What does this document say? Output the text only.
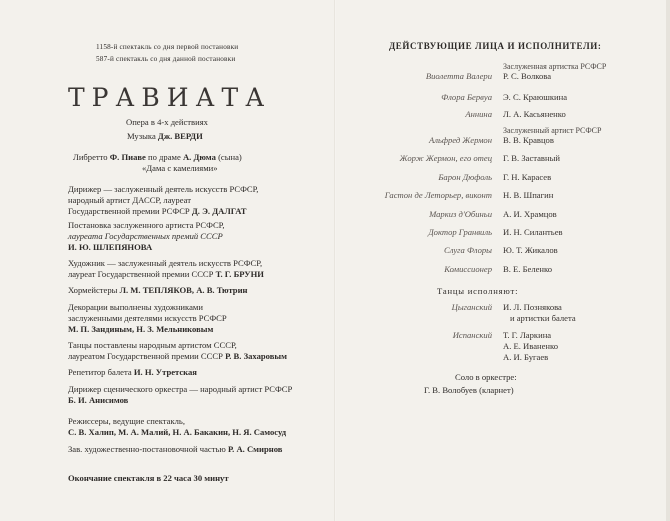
1158-й спектакль со дня первой постановки
587-й спектакль со дня данной постановки
ТРАВИАТА
Опера в 4-х действиях
Музыка Дж. ВЕРДИ
Либретто Ф. Пиаве по драме А. Дюма (сына)
«Дама с камелиями»
Дирижер — заслуженный деятель искусств РСФСР,
народный артист ДАССР, лауреат
Государственной премии РСФСР Д. Э. ДАЛГАТ
Постановка заслуженного артиста РСФСР,
лауреата Государственных премий СССР
И. Ю. ШЛЕПЯНОВА
Художник — заслуженный деятель искусств РСФСР,
лауреат Государственной премии СССР Т. Г. БРУНИ
Хормейстеры Л. М. ТЕПЛЯКОВ, А. В. Тютрин
Декорации выполнены художниками
заслуженными деятелями искусств РСФСР
М. П. Зандиным, Н. З. Мельниковым
Танцы поставлены народным артистом СССР,
лауреатом Государственной премии СССР Р. В. Захаровым
Репетитор балета И. Н. Утретская
Дирижер сценического оркестра — народный артист РСФСР
Б. И. Анисимов
Режиссеры, ведущие спектакль,
С. В. Халип, М. А. Малий, Н. А. Бакакин, Н. Я. Самосуд
Зав. художественно-постановочной частью Р. А. Смирнов
Окончание спектакля в 22 часа 30 минут
ДЕЙСТВУЮЩИЕ ЛИЦА И ИСПОЛНИТЕЛИ:
Заслуженная артистка РСФСР
Виолетта Валери Р. С. Волкова
Флора Бервуа Э. С. Краюшкина
Аннина Л. А. Касьяненко
Заслуженный артист РСФСР
Альфред Жермон В. В. Кравцов
Жорж Жермон, его отец Г. В. Заставный
Барон Дюфоль Г. Н. Карасев
Гастон де Леторьер, виконт Н. В. Шпагин
Маркиз д'Обиньи А. И. Храмцов
Доктор Гранвиль И. Н. Силантьев
Слуга Флоры Ю. Т. Жикалов
Комиссионер В. Е. Беленко
Танцы исполняют:
Цыганский И. Л. Познякова
и артистки балета
Испанский Т. Г. Ларкина
А. Е. Иваненко
А. И. Бугаев
Соло в оркестре:
Г. В. Волобуев (кларнет)
